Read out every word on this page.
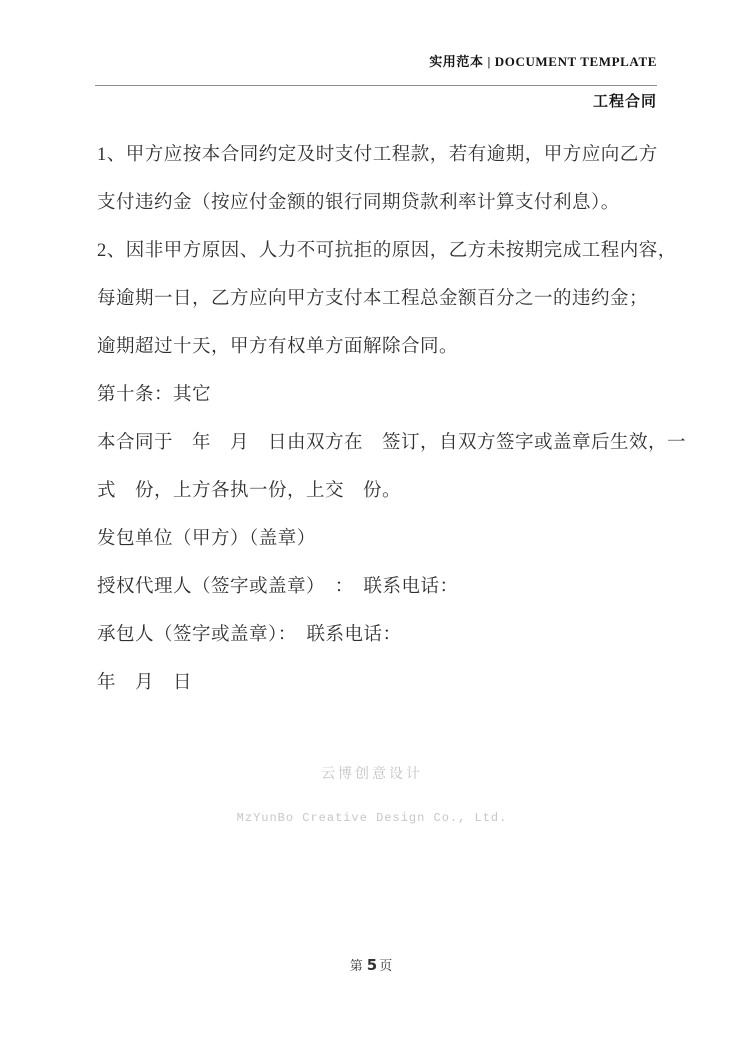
实用范本 | DOCUMENT TEMPLATE
工程合同

1、甲方应按本合同约定及时支付工程款，若有逾期，甲方应向乙方

支付违约金（按应付金额的银行同期贷款利率计算支付利息）。

2、因非甲方原因、人力不可抗拒的原因，乙方未按期完成工程内容，

每逾期一日，乙方应向甲方支付本工程总金额百分之一的违约金；

逾期超过十天，甲方有权单方面解除合同。

第十条：其它

本合同于　年　月　日由双方在　签订，自双方签字或盖章后生效，一

式　份，上方各执一份，上交　份。

发包单位（甲方）（盖章）

授权代理人（签字或盖章）　：　联系电话：

承包人（签字或盖章）：　联系电话：

年　月　日

云博创意设计
MzYunBo Creative Design Co., Ltd.
第 5 页
